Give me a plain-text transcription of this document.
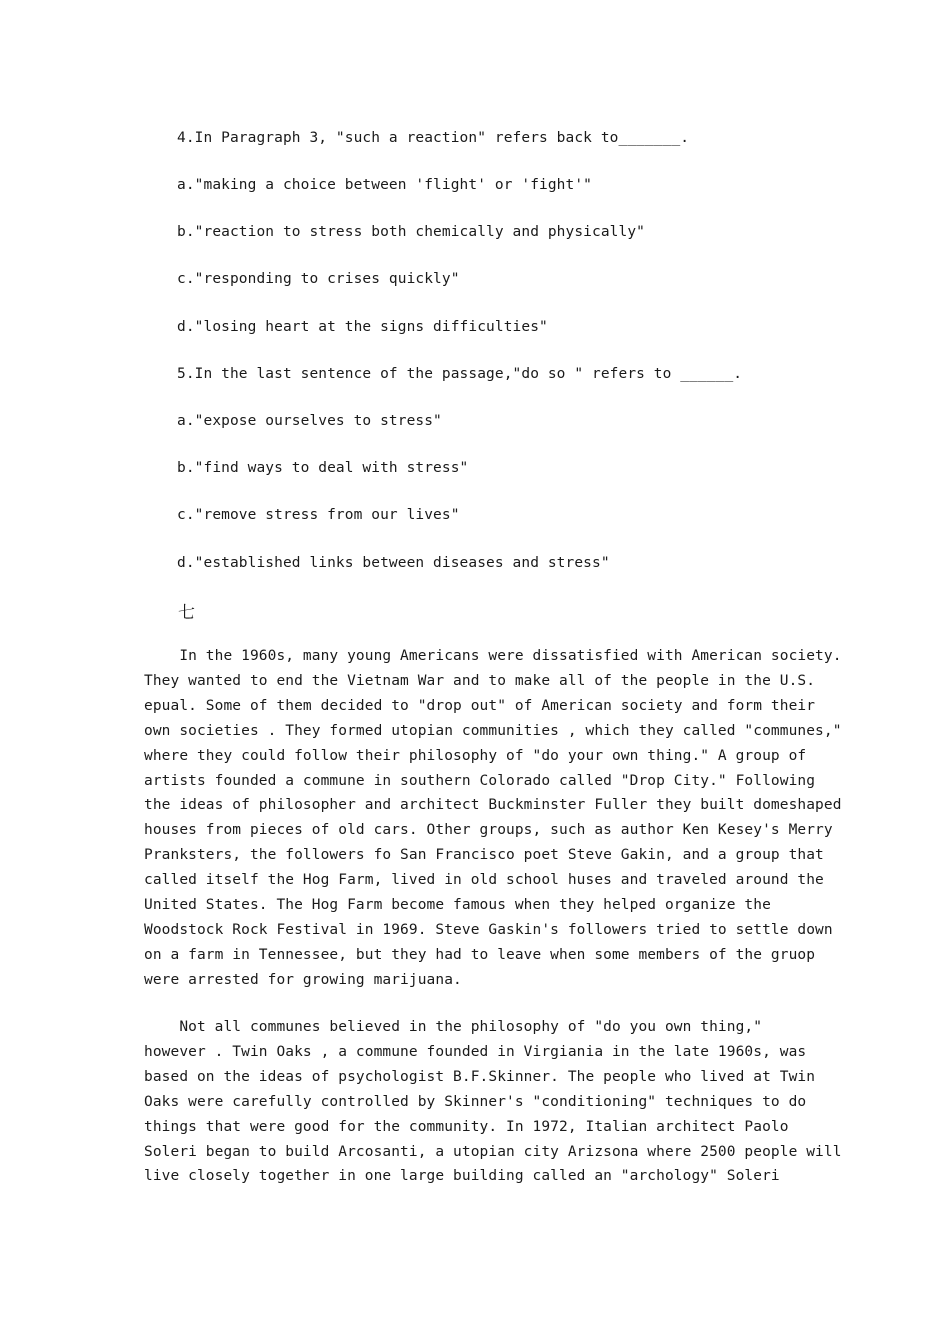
4.In Paragraph 3, "such a reaction" refers back to_______.
a."making a choice between 'flight' or 'fight'"
b."reaction to stress both chemically and physically"
c."responding to crises quickly"
d."losing heart at the signs difficulties"
5.In the last sentence of the passage,"do so " refers to ______.
a."expose ourselves to stress"
b."find ways to deal with stress"
c."remove stress from our lives"
d."established links between diseases and stress"
七
In the 1960s, many young Americans were dissatisfied with American society.
They wanted to end the Vietnam War and to make all of the people in the U.S.
epual. Some of them decided to "drop out" of American society and form their
own societies . They formed utopian communities , which they called "communes,"
where they could follow their philosophy of "do your own thing." A group of
artists founded a commune in southern Colorado called "Drop City." Following
the ideas of philosopher and architect Buckminster Fuller they built domeshaped
houses from pieces of old cars. Other groups, such as author Ken Kesey's Merry
Pranksters, the followers fo San Francisco poet Steve Gakin, and a group that
called itself the Hog Farm, lived in old school huses and traveled around the
United States. The Hog Farm become famous when they helped organize the
Woodstock Rock Festival in 1969. Steve Gaskin's followers tried to settle down
on a farm in Tennessee, but they had to leave when some members of the gruop
were arrested for growing marijuana.
Not all communes believed in the philosophy of "do you own thing,"
however . Twin Oaks , a commune founded in Virgiania in the late 1960s, was
based on the ideas of psychologist B.F.Skinner. The people who lived at Twin
Oaks were carefully controlled by Skinner's "conditioning" techniques to do
things that were good for the community. In 1972, Italian architect Paolo
Soleri began to build Arcosanti, a utopian city Arizsona where 2500 people will
live closely together in one large building called an "archology" Soleri
